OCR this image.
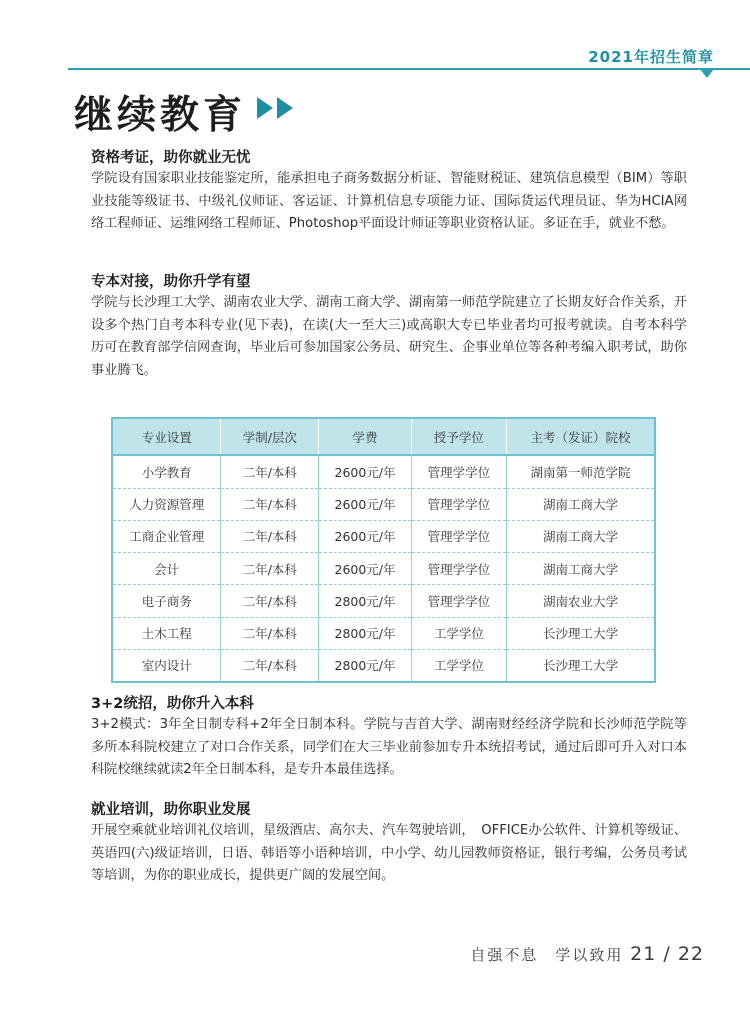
2021年招生简章
继续教育
资格考证，助你就业无忧
学院设有国家职业技能鉴定所，能承担电子商务数据分析证、智能财税证、建筑信息模型（BIM）等职业技能等级证书、中级礼仪师证、客运证、计算机信息专项能力证、国际货运代理员证、华为HCIA网络工程师证、运维网络工程师证、Photoshop平面设计师证等职业资格认证。多证在手，就业不愁。
专本对接，助你升学有望
学院与长沙理工大学、湖南农业大学、湖南工商大学、湖南第一师范学院建立了长期友好合作关系，开设多个热门自考本科专业(见下表)，在读(大一至大三)或高职大专已毕业者均可报考就读。自考本科学历可在教育部学信网查询，毕业后可参加国家公务员、研究生、企事业单位等各种考编入职考试，助你事业腾飞。
专业设置	学制/层次	学费	授予学位	主考（发证）院校
小学教育	二年/本科	2600元/年	管理学学位	湖南第一师范学院
人力资源管理	二年/本科	2600元/年	管理学学位	湖南工商大学
工商企业管理	二年/本科	2600元/年	管理学学位	湖南工商大学
会计	二年/本科	2600元/年	管理学学位	湖南工商大学
电子商务	二年/本科	2800元/年	管理学学位	湖南农业大学
土木工程	二年/本科	2800元/年	工学学位	长沙理工大学
室内设计	二年/本科	2800元/年	工学学位	长沙理工大学
3+2统招，助你升入本科
3+2模式：3年全日制专科+2年全日制本科。学院与吉首大学、湖南财经经济学院和长沙师范学院等多所本科院校建立了对口合作关系，同学们在大三毕业前参加专升本统招考试，通过后即可升入对口本科院校继续就读2年全日制本科，是专升本最佳选择。
就业培训，助你职业发展
开展空乘就业培训礼仪培训，星级酒店、高尔夫、汽车驾驶培训，　OFFICE办公软件、计算机等级证、英语四(六)级证培训，日语、韩语等小语种培训，中小学、幼儿园教师资格证，银行考编，公务员考试等培训，为你的职业成长，提供更广阔的发展空间。
自强不息　学以致用 21 / 22
